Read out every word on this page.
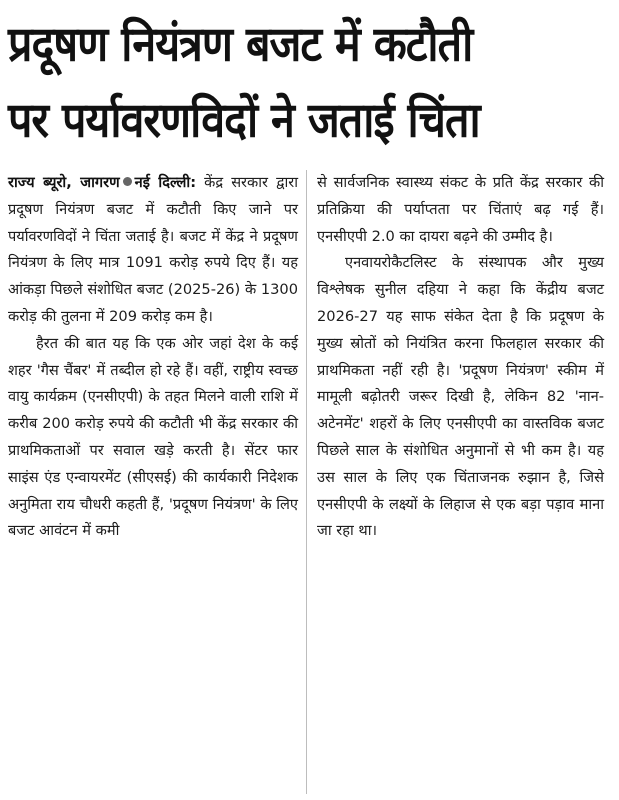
प्रदूषण नियंत्रण बजट में कटौती
पर पर्यावरणविदों ने जताई चिंता

राज्य ब्यूरो, जागरण नई दिल्ली: केंद्र सरकार द्वारा प्रदूषण नियंत्रण बजट में कटौती किए जाने पर पर्यावरणविदों ने चिंता जताई है। बजट में केंद्र ने प्रदूषण नियंत्रण के लिए मात्र 1091 करोड़ रुपये दिए हैं। यह आंकड़ा पिछले संशोधित बजट (2025-26) के 1300 करोड़ की तुलना में 209 करोड़ कम है।

हैरत की बात यह कि एक ओर जहां देश के कई शहर 'गैस चैंबर' में तब्दील हो रहे हैं। वहीं, राष्ट्रीय स्वच्छ वायु कार्यक्रम (एनसीएपी) के तहत मिलने वाली राशि में करीब 200 करोड़ रुपये की कटौती भी केंद्र सरकार की प्राथमिकताओं पर सवाल खड़े करती है। सेंटर फार साइंस एंड एन्वायरमेंट (सीएसई) की कार्यकारी निदेशक अनुमिता राय चौधरी कहती हैं, 'प्रदूषण नियंत्रण' के लिए बजट आवंटन में कमी

से सार्वजनिक स्वास्थ्य संकट के प्रति केंद्र सरकार की प्रतिक्रिया की पर्याप्तता पर चिंताएं बढ़ गई हैं। एनसीएपी 2.0 का दायरा बढ़ने की उम्मीद है।

एनवायरोकैटलिस्ट के संस्थापक और मुख्य विश्लेषक सुनील दहिया ने कहा कि केंद्रीय बजट 2026-27 यह साफ संकेत देता है कि प्रदूषण के मुख्य स्रोतों को नियंत्रित करना फिलहाल सरकार की प्राथमिकता नहीं रही है। 'प्रदूषण नियंत्रण' स्कीम में मामूली बढ़ोतरी जरूर दिखी है, लेकिन 82 'नान-अटेनमेंट' शहरों के लिए एनसीएपी का वास्तविक बजट पिछले साल के संशोधित अनुमानों से भी कम है। यह उस साल के लिए एक चिंताजनक रुझान है, जिसे एनसीएपी के लक्ष्यों के लिहाज से एक बड़ा पड़ाव माना जा रहा था।
